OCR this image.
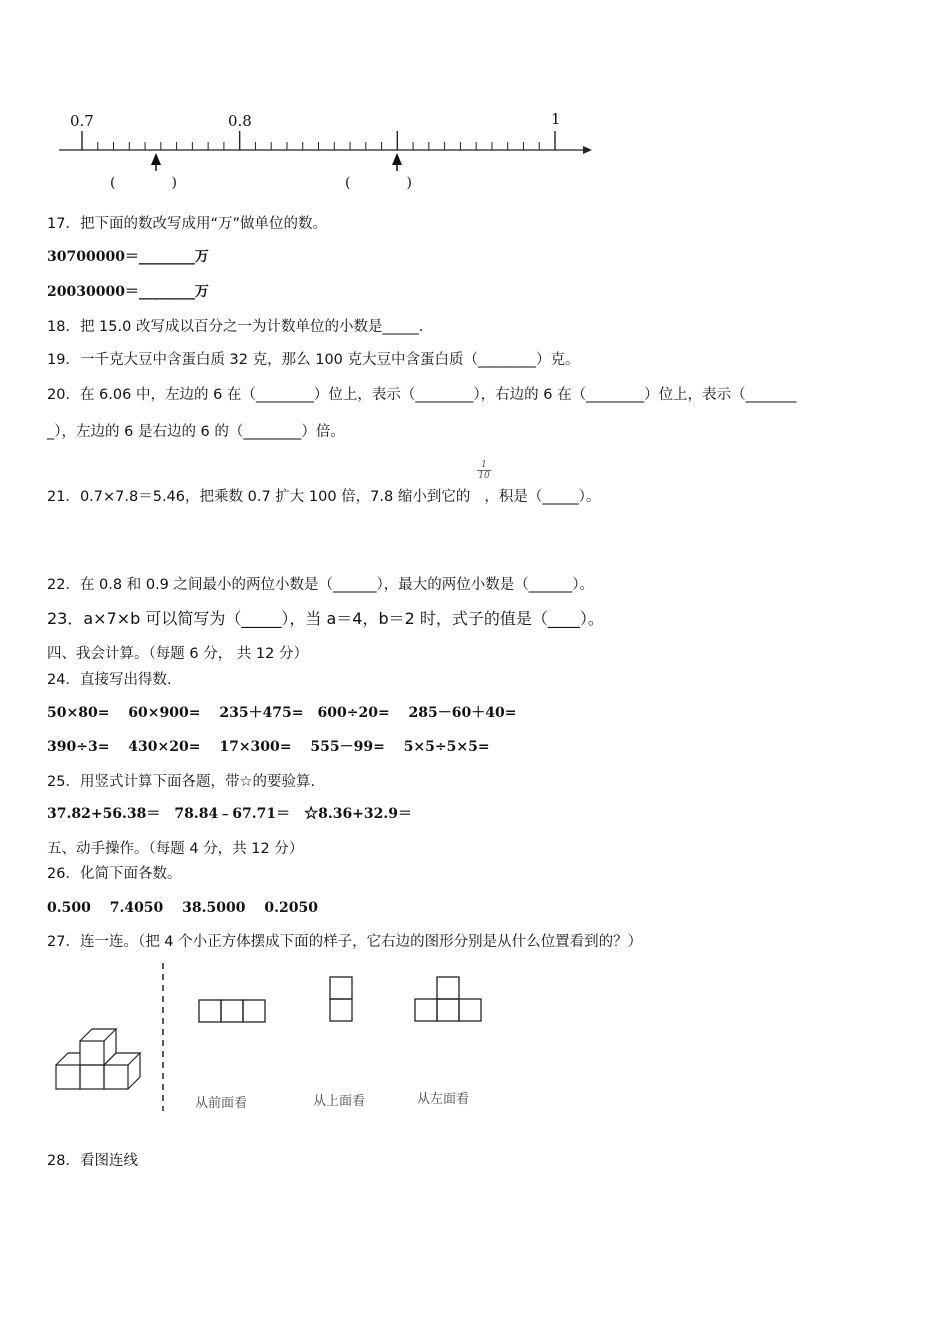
0.7	0.8	1
(　　　　)	(　　　　)
17．把下面的数改写成用“万”做单位的数。
30700000＝________万
20030000＝________万
18．把 15.0 改写成以百分之一为计数单位的小数是_____.
19．一千克大豆中含蛋白质 32 克，那么 100 克大豆中含蛋白质（________）克。
20．在 6.06 中，左边的 6 在（________）位上，表示（________），右边的 6 在（________）位上，表示（_______
_），左边的 6 是右边的 6 的（________）倍。
21．0.7×7.8＝5.46，把乘数 0.7 扩大 100 倍，7.8 缩小到它的 ，积是（_____）。
$\frac{1}{10}$
22．在 0.8 和 0.9 之间最小的两位小数是（______），最大的两位小数是（______）。
23．a×7×b 可以简写为（_____），当 a＝4，b＝2 时，式子的值是（____）。
四、我会计算。（每题 6 分， 共 12 分）
24．直接写出得数.
50×80=　 60×900=　 235＋475=　600÷20=　 285－60＋40=
390÷3=　 430×20=　 17×300=　 555－99=　 5×5÷5×5=
25．用竖式计算下面各题，带☆的要验算.
37.82+56.38＝　78.84﹣67.71＝　☆8.36+32.9＝
五、动手操作。（每题 4 分，共 12 分）
26．化简下面各数。
0.500　 7.4050　 38.5000　 0.2050
27．连一连。（把 4 个小正方体摆成下面的样子，它右边的图形分别是从什么位置看到的？）
从前面看	从上面看	从左面看
28．看图连线
